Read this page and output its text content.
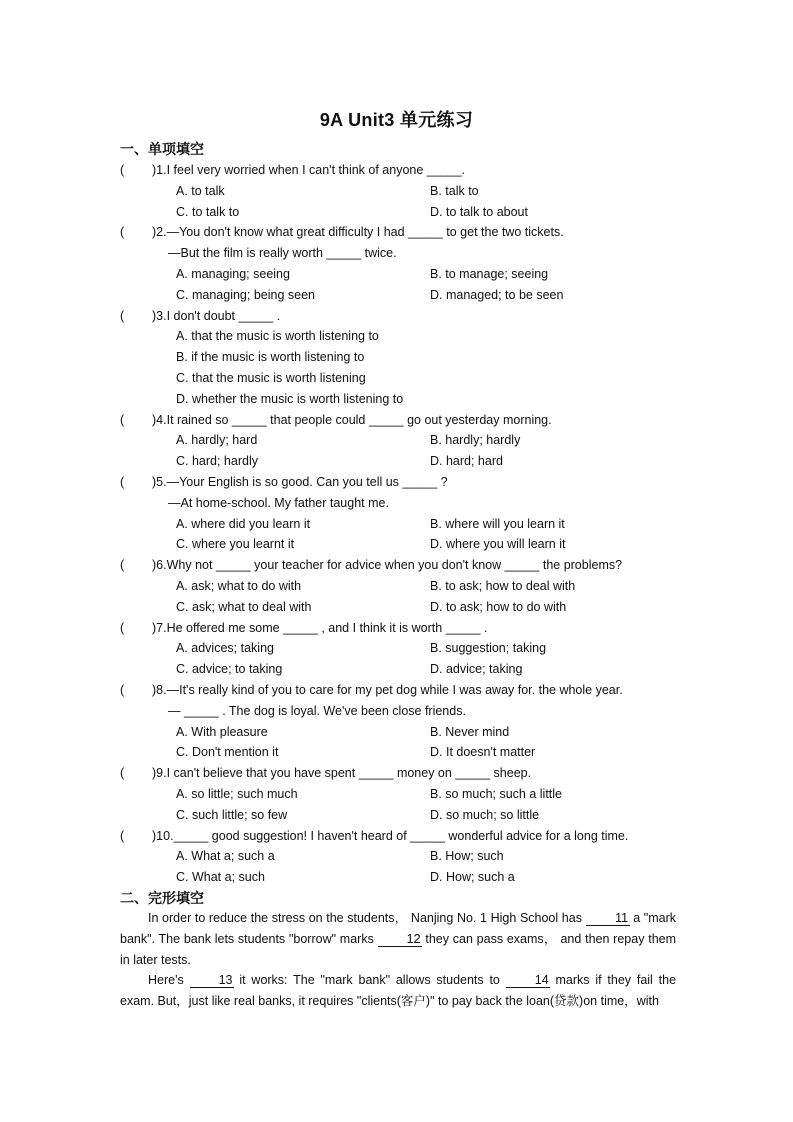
9A Unit3 单元练习
一、单项填空
( )1.I feel very worried when I can't think of anyone _____.
A. to talk	B. talk to
C. to talk to	D. to talk to about
( )2.—You don't know what great difficulty I had _____ to get the two tickets.
—But the film is really worth _____ twice.
A. managing; seeing	B. to manage; seeing
C. managing; being seen	D. managed; to be seen
( )3.I don't doubt _____ .
A. that the music is worth listening to
B. if the music is worth listening to
C. that the music is worth listening
D. whether the music is worth listening to
( )4.It rained so _____ that people could _____ go out yesterday morning.
A. hardly; hard	B. hardly; hardly
C. hard; hardly	D. hard; hard
( )5.—Your English is so good. Can you tell us _____ ?
—At home-school. My father taught me.
A. where did you learn it	B. where will you learn it
C. where you learnt it	D. where you will learn it
( )6.Why not _____ your teacher for advice when you don't know _____ the problems?
A. ask; what to do with	B. to ask; how to deal with
C. ask; what to deal with	D. to ask; how to do with
( )7.He offered me some _____ , and I think it is worth _____ .
A. advices; taking	B. suggestion; taking
C. advice; to taking	D. advice; taking
( )8.—It's really kind of you to care for my pet dog while I was away for. the whole year.
— _____ . The dog is loyal. We've been close friends.
A. With pleasure	B. Never mind
C. Don't mention it	D. It doesn't matter
( )9.I can't believe that you have spent _____ money on _____ sheep.
A. so little; such much	B. so much; such a little
C. such little; so few	D. so much; so little
( )10._____ good suggestion! I haven't heard of _____ wonderful advice for a long time.
A. What a; such a	B. How; such
C. What a; such	D. How; such a
二、完形填空
In order to reduce the stress on the students， Nanjing No. 1 High School has 11 a "mark bank". The bank lets students "borrow" marks 12 they can pass exams， and then repay them in later tests.
Here's 13 it works: The "mark bank" allows students to 14 marks if they fail the exam. But，just like real banks, it requires "clients(客户)" to pay back the loan(贷款)on time，with
